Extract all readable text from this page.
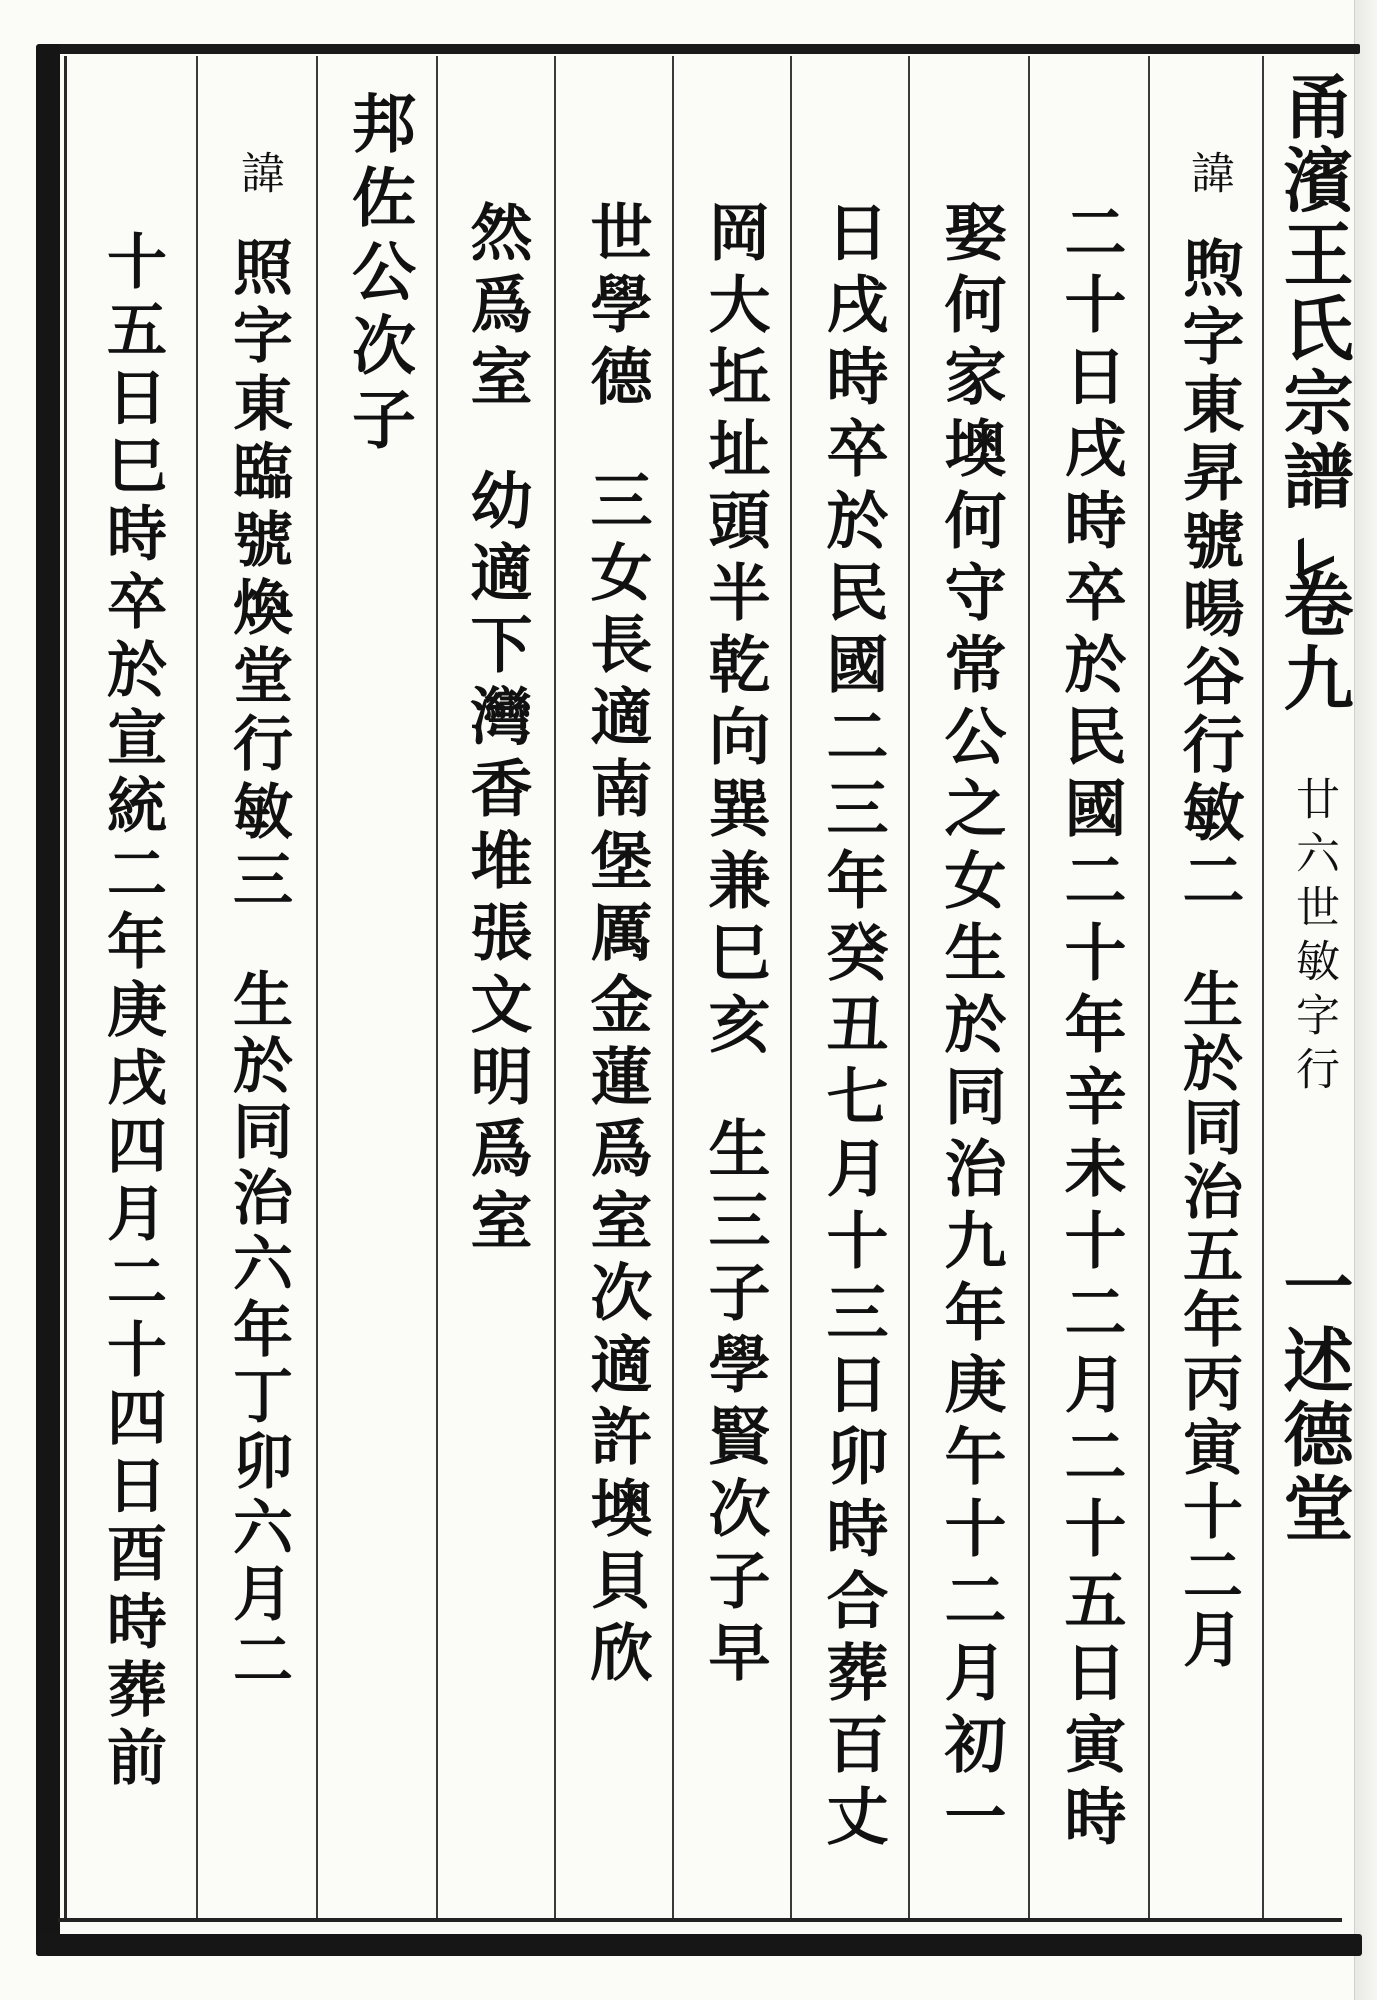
甬濱王氏宗譜
卷九
廿六世敏字行
一述德堂
諱
煦字東昇號暘谷行敏二
生於同治五年丙寅十二月
二十日戌時卒於民國二十年辛未十二月二十五日寅時
娶何家墺何守常公之女生於同治九年庚午十二月初一
日戌時卒於民國二三年癸丑七月十三日卯時合葬百丈
岡大坵址頭半乾向巽兼巳亥
生三子學賢次子早
世學德
三女長適南堡厲金蓮爲室次適許墺貝欣
然爲室
幼適下灣香堆張文明爲室
邦佐公次子
諱
照字東臨號煥堂行敏三
生於同治六年丁卯六月二
十五日巳時卒於宣統二年庚戌四月二十四日酉時葬前
